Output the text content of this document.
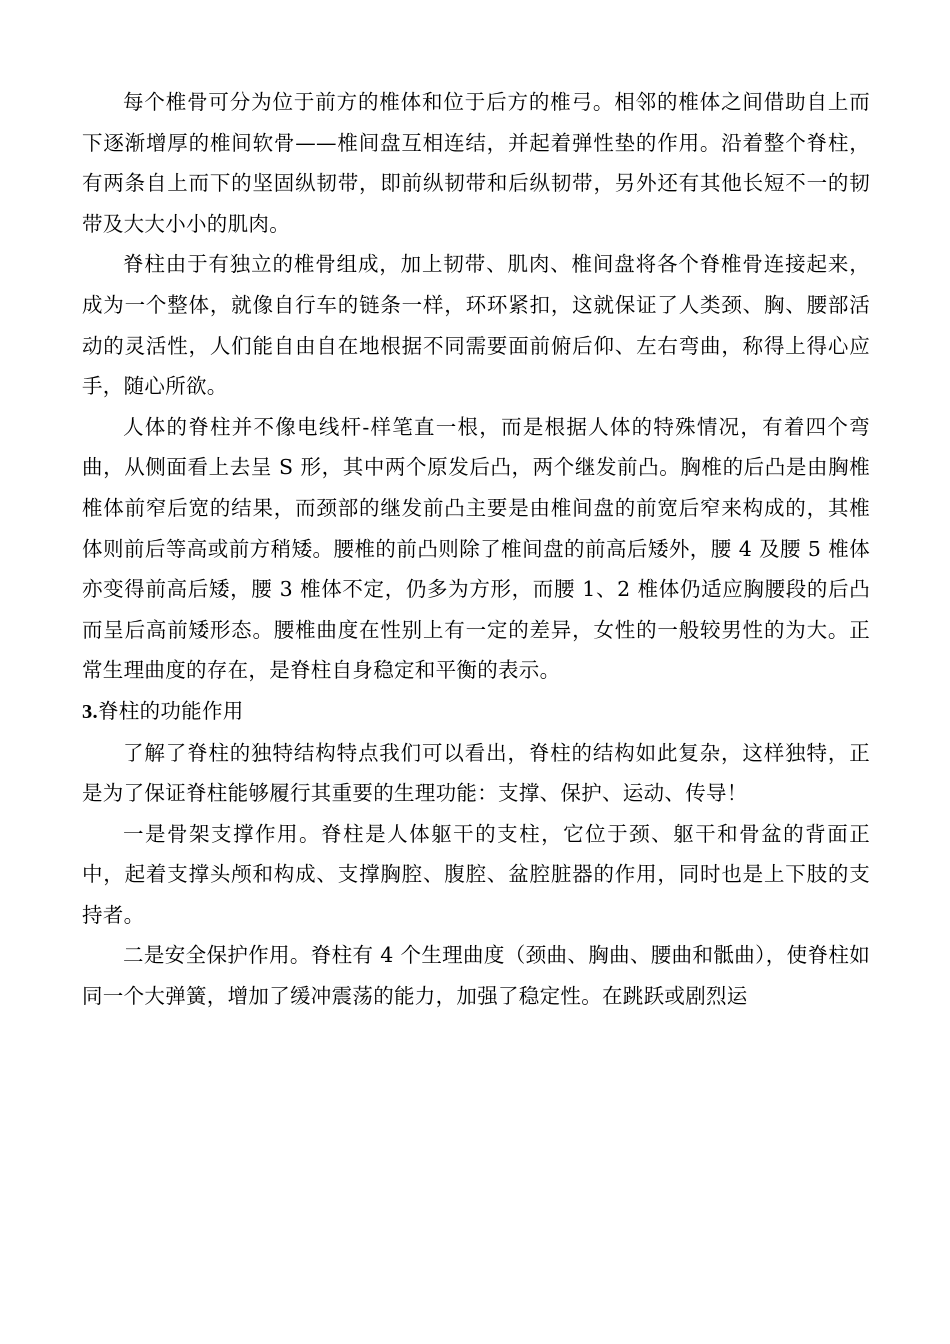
每个椎骨可分为位于前方的椎体和位于后方的椎弓。相邻的椎体之间借助自上而下逐渐增厚的椎间软骨——椎间盘互相连结，并起着弹性垫的作用。沿着整个脊柱，有两条自上而下的坚固纵韧带，即前纵韧带和后纵韧带，另外还有其他长短不一的韧带及大大小小的肌肉。

脊柱由于有独立的椎骨组成，加上韧带、肌肉、椎间盘将各个脊椎骨连接起来，成为一个整体，就像自行车的链条一样，环环紧扣，这就保证了人类颈、胸、腰部活动的灵活性，人们能自由自在地根据不同需要面前俯后仰、左右弯曲，称得上得心应手，随心所欲。

人体的脊柱并不像电线杆-样笔直一根，而是根据人体的特殊情况，有着四个弯曲，从侧面看上去呈 S 形，其中两个原发后凸，两个继发前凸。胸椎的后凸是由胸椎椎体前窄后宽的结果，而颈部的继发前凸主要是由椎间盘的前宽后窄来构成的，其椎体则前后等高或前方稍矮。腰椎的前凸则除了椎间盘的前高后矮外，腰 4 及腰 5 椎体亦变得前高后矮，腰 3 椎体不定，仍多为方形，而腰 1、2 椎体仍适应胸腰段的后凸而呈后高前矮形态。腰椎曲度在性别上有一定的差异，女性的一般较男性的为大。正常生理曲度的存在，是脊柱自身稳定和平衡的表示。

3.脊柱的功能作用

了解了脊柱的独特结构特点我们可以看出，脊柱的结构如此复杂，这样独特，正是为了保证脊柱能够履行其重要的生理功能：支撑、保护、运动、传导！

一是骨架支撑作用。脊柱是人体躯干的支柱，它位于颈、躯干和骨盆的背面正中，起着支撑头颅和构成、支撑胸腔、腹腔、盆腔脏器的作用，同时也是上下肢的支持者。

二是安全保护作用。脊柱有 4 个生理曲度（颈曲、胸曲、腰曲和骶曲），使脊柱如同一个大弹簧，增加了缓冲震荡的能力，加强了稳定性。在跳跃或剧烈运
